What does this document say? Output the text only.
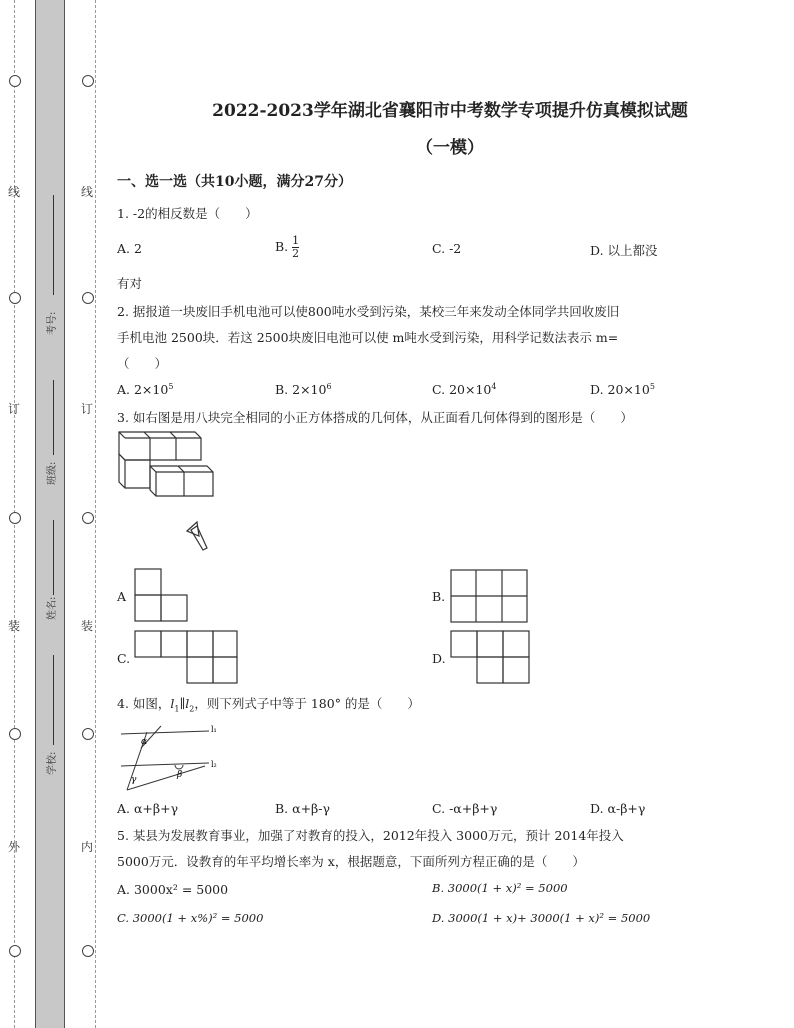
线
订
装
外
线
订
装
内
考号:
班级:
姓名:
学校:
2022-2023学年湖北省襄阳市中考数学专项提升仿真模拟试题
（一模）
一、选一选（共10小题，满分27分）
1. -2的相反数是（　　）
A. 2	B. $\frac{1}{2}$	C. -2	D. 以上都没
有对
2. 据报道一块废旧手机电池可以使800吨水受到污染，某校三年来发动全体同学共回收废旧
手机电池 2500块．若这 2500块废旧电池可以使 m吨水受到污染，用科学记数法表示 m=
（　　）
A. $2\times 10^5$	B. $2\times 10^6$	C. $20\times 10^4$	D. $20\times 10^5$
3. 如右图是用八块完全相同的小正方体搭成的几何体，从正面看几何体得到的图形是（　　）
A	B.
C.	D.
4. 如图，$l_1\parallel l_2$，则下列式子中等于 180° 的是（　　）
l₁
l₂
α
β
γ
A. α+β+γ	B. α+β-γ	C. -α+β+γ	D. α-β+γ
5. 某县为发展教育事业，加强了对教育的投入，2012年投入 3000万元，预计 2014年投入
5000万元．设教育的年平均增长率为 x，根据题意，下面所列方程正确的是（　　）
A. 3000x² = 5000	B. 3000(1 + x)² = 5000
C. 3000(1 + x%)² = 5000	D. 3000(1 + x)+ 3000(1 + x)² = 5000
